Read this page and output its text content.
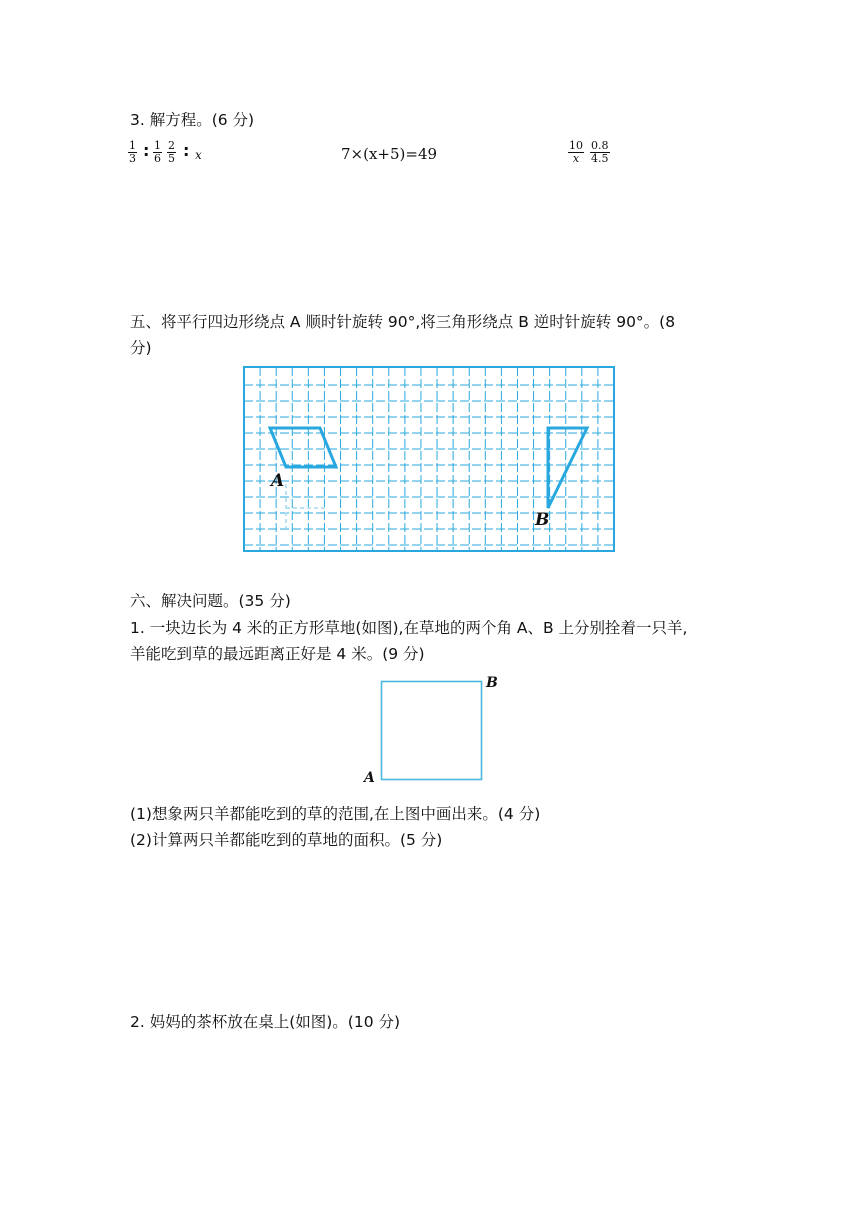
3. 解方程。(6 分)
$\frac{1}{3}$ : $\frac{1}{6} \frac{2}{5}$ : x	7×(x+5)=49	$\frac{10}{x} \frac{0.8}{4.5}$
五、将平行四边形绕点 A 顺时针旋转 90°,将三角形绕点 B 逆时针旋转 90°。(8
分)
A
B
六、解决问题。(35 分)
1. 一块边长为 4 米的正方形草地(如图),在草地的两个角 A、B 上分别拴着一只羊,
羊能吃到草的最远距离正好是 4 米。(9 分)
A
B
(1)想象两只羊都能吃到的草的范围,在上图中画出来。(4 分)
(2)计算两只羊都能吃到的草地的面积。(5 分)
2. 妈妈的茶杯放在桌上(如图)。(10 分)
